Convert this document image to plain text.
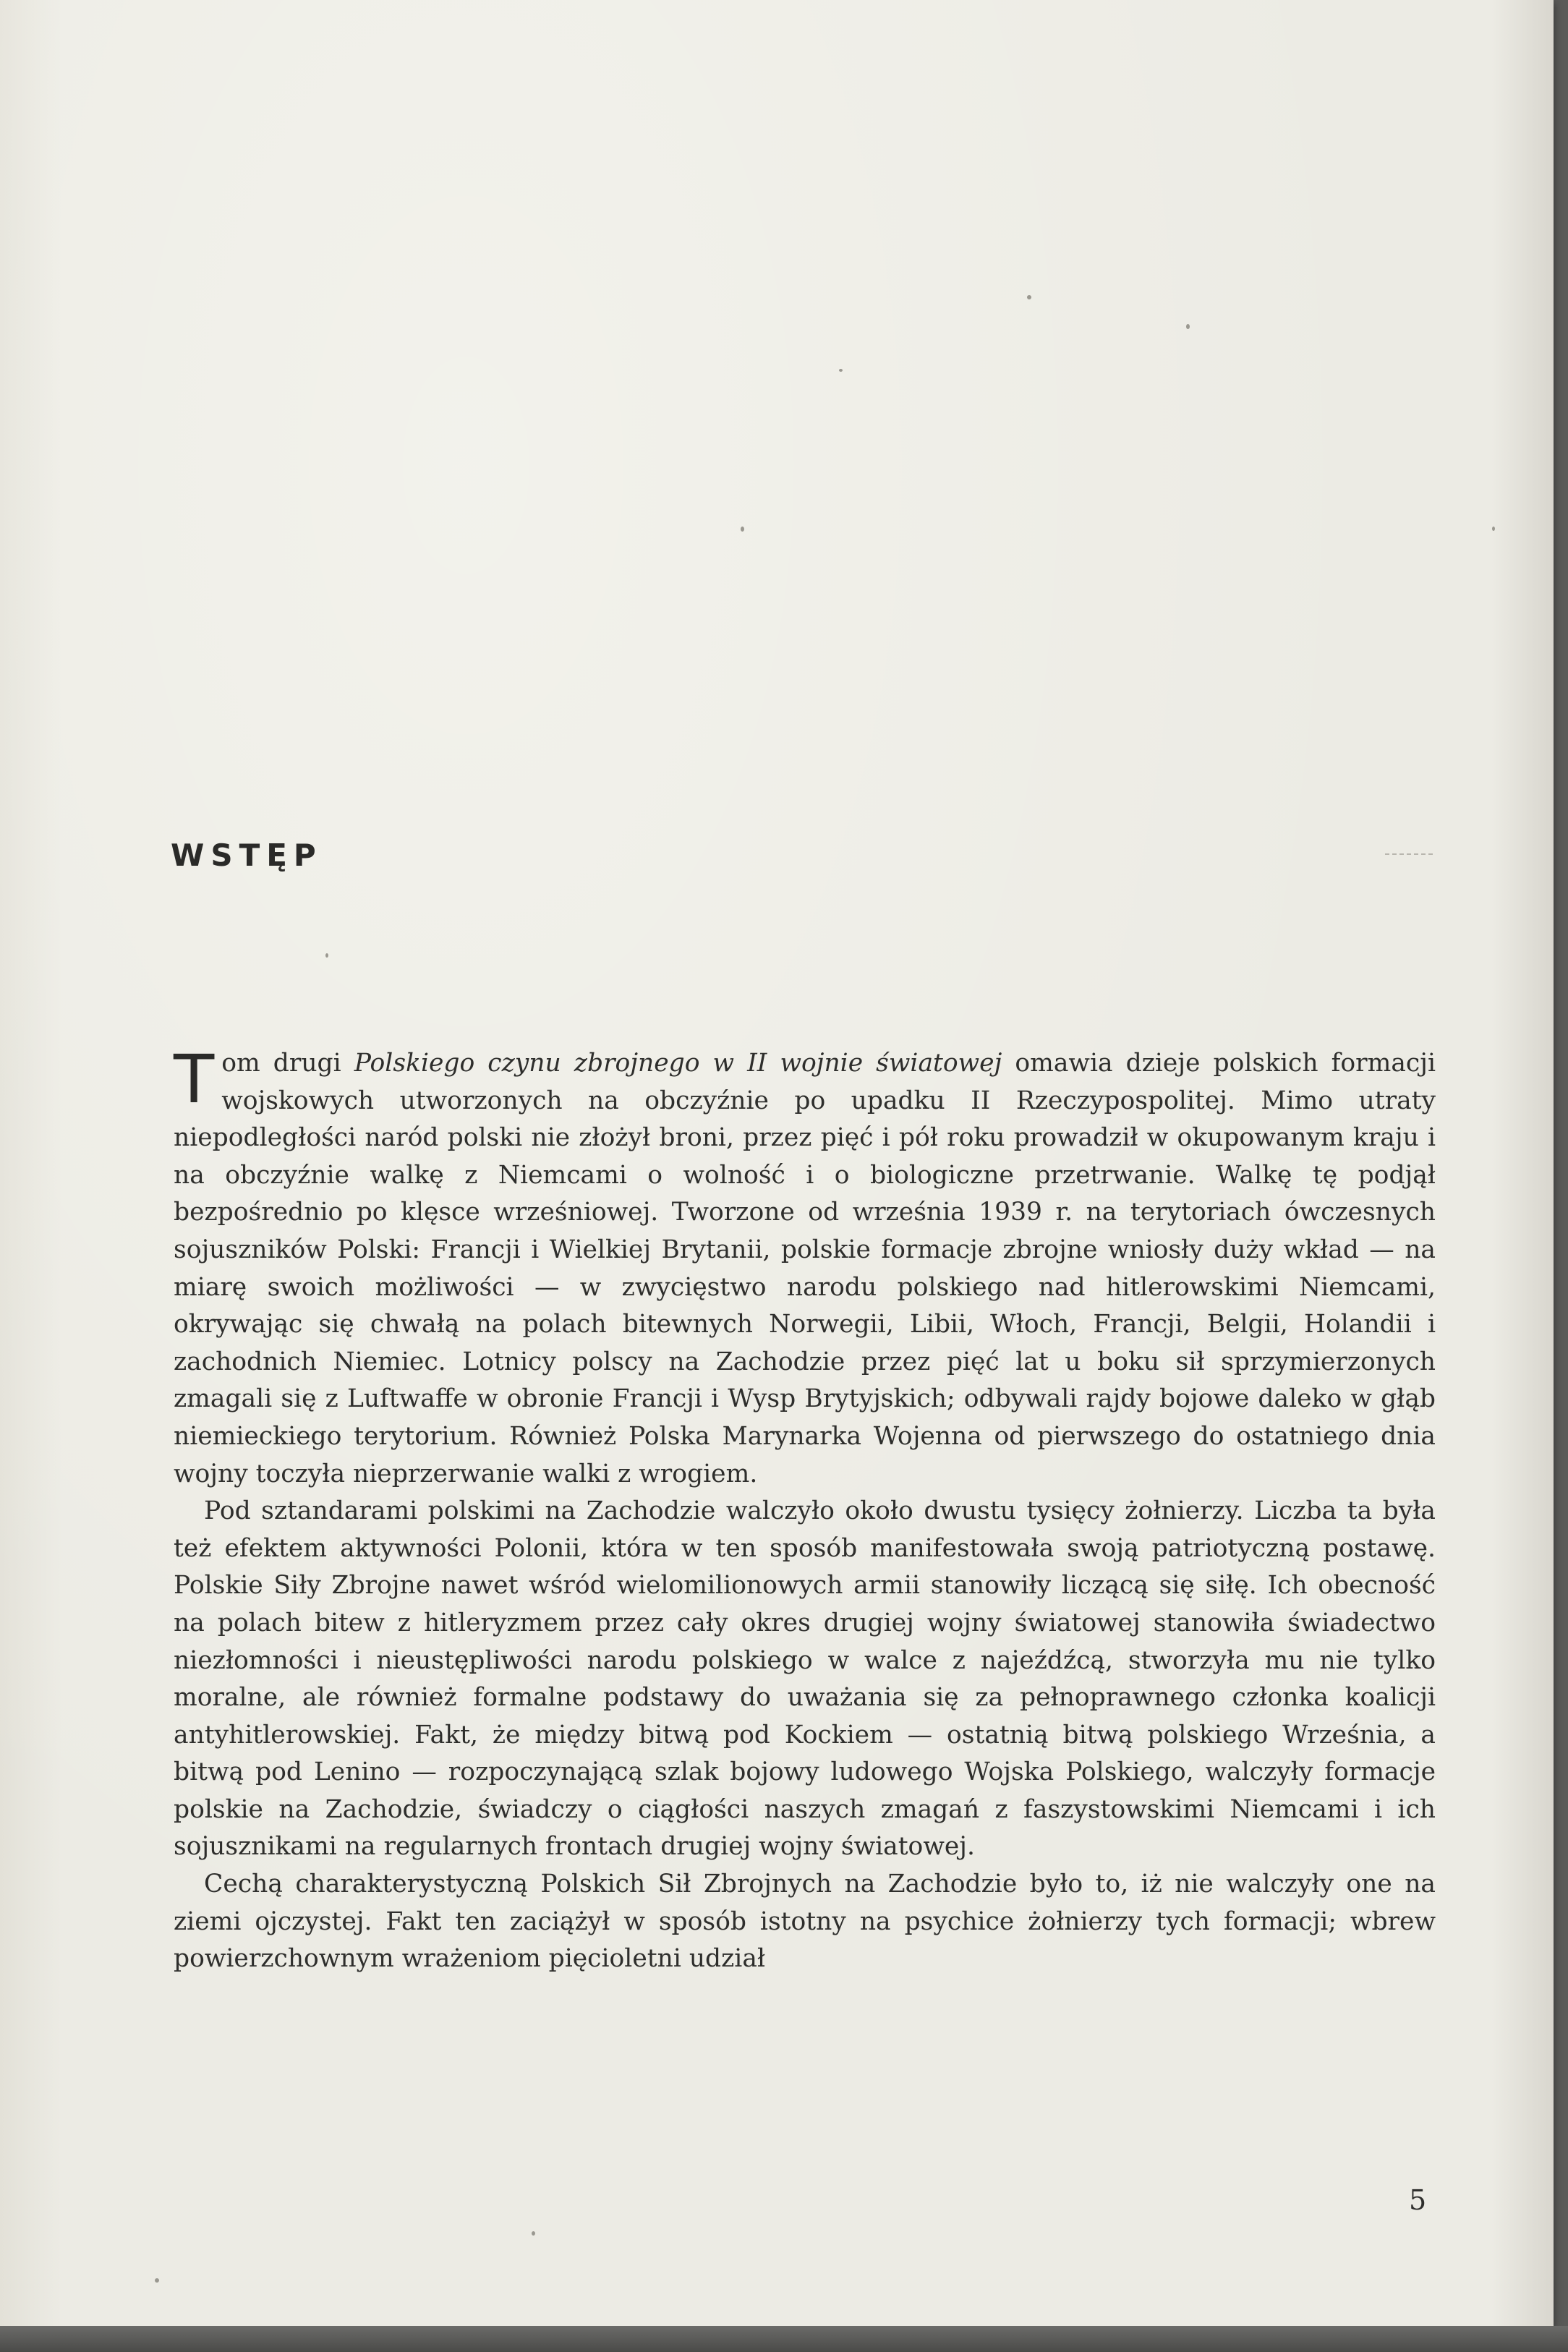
WSTĘP

Tom drugi Polskiego czynu zbrojnego w II wojnie światowej omawia dzieje polskich formacji wojskowych utworzonych na obczyźnie po upadku II Rzeczypospolitej. Mimo utraty niepodległości naród polski nie złożył broni, przez pięć i pół roku prowadził w okupowanym kraju i na obczyźnie walkę z Niemcami o wolność i o biologiczne przetrwanie. Walkę tę podjął bezpośrednio po klęsce wrześniowej. Tworzone od września 1939 r. na terytoriach ówczesnych sojuszników Polski: Francji i Wielkiej Brytanii, polskie formacje zbrojne wniosły duży wkład — na miarę swoich możliwości — w zwycięstwo narodu polskiego nad hitlerowskimi Niemcami, okrywając się chwałą na polach bitewnych Norwegii, Libii, Włoch, Francji, Belgii, Holandii i zachodnich Niemiec. Lotnicy polscy na Zachodzie przez pięć lat u boku sił sprzymierzonych zmagali się z Luftwaffe w obronie Francji i Wysp Brytyjskich; odbywali rajdy bojowe daleko w głąb niemieckiego terytorium. Również Polska Marynarka Wojenna od pierwszego do ostatniego dnia wojny toczyła nieprzerwanie walki z wrogiem.

Pod sztandarami polskimi na Zachodzie walczyło około dwustu tysięcy żołnierzy. Liczba ta była też efektem aktywności Polonii, która w ten sposób manifestowała swoją patriotyczną postawę. Polskie Siły Zbrojne nawet wśród wielomilionowych armii stanowiły liczącą się siłę. Ich obecność na polach bitew z hitleryzmem przez cały okres drugiej wojny światowej stanowiła świadectwo niezłomności i nieustępliwości narodu polskiego w walce z najeźdźcą, stworzyła mu nie tylko moralne, ale również formalne podstawy do uważania się za pełnoprawnego członka koalicji antyhitlerowskiej. Fakt, że między bitwą pod Kockiem — ostatnią bitwą polskiego Września, a bitwą pod Lenino — rozpoczynającą szlak bojowy ludowego Wojska Polskiego, walczyły formacje polskie na Zachodzie, świadczy o ciągłości naszych zmagań z faszystowskimi Niemcami i ich sojusznikami na regularnych frontach drugiej wojny światowej.

Cechą charakterystyczną Polskich Sił Zbrojnych na Zachodzie było to, iż nie walczyły one na ziemi ojczystej. Fakt ten zaciążył w sposób istotny na psychice żołnierzy tych formacji; wbrew powierzchownym wrażeniom pięcioletni udział

5
